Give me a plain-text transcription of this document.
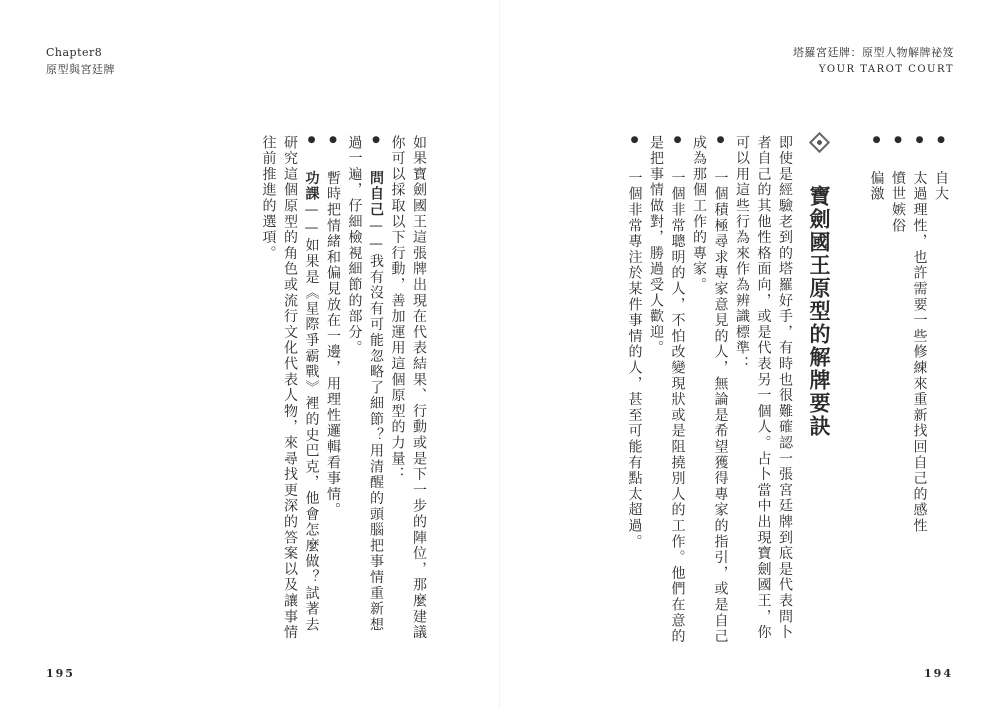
Chapter8
原型與宮廷牌

如果寶劍國王這張牌出現在代表結果、行動或是下一步的陣位，那麼建議你可以採取以下行動，善加運用這個原型的力量：

● 問自己——我有沒有可能忽略了細節？用清醒的頭腦把事情重新想過一遍，仔細檢視細節的部分。
● 暫時把情緒和偏見放在一邊，用理性邏輯看事情。
● 功課——如果是《星際爭霸戰》裡的史巴克，他會怎麼做？試著去研究這個原型的角色或流行文化代表人物，來尋找更深的答案以及讓事情往前推進的選項。
195
塔羅宮廷牌：原型人物解牌祕笈
YOUR TAROT COURT
● 自大
● 太過理性，也許需要一些修練來重新找回自己的感性
● 憤世嫉俗
● 偏激
寶劍國王原型的解牌要訣

即使是經驗老到的塔羅好手，有時也很難確認一張宮廷牌到底是代表問卜者自己的其他性格面向，或是代表另一個人。占卜當中出現寶劍國王，你可以用這些行為來作為辨識標準：

● 一個積極尋求專家意見的人，無論是希望獲得專家的指引，或是自己成為那個工作的專家。
● 一個非常聰明的人，不怕改變現狀或是阻撓別人的工作。他們在意的是把事情做對，勝過受人歡迎。
● 一個非常專注於某件事情的人，甚至可能有點太超過。
194
